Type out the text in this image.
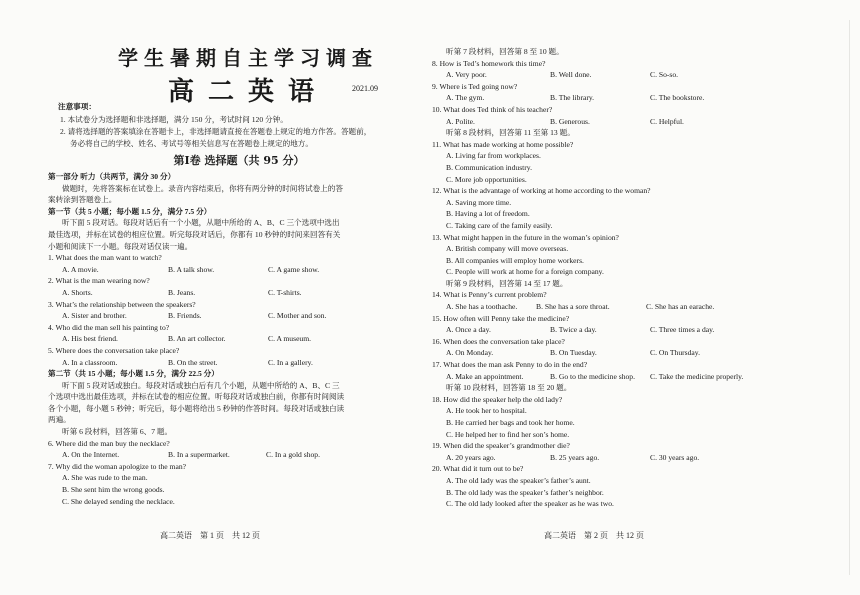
学生暑期自主学习调查
高二英语	2021.09
注意事项：
1. 本试卷分为选择题和非选择题，满分 150 分，考试时间 120 分钟。
2. 请将选择题的答案填涂在答题卡上，非选择题请直接在答题卷上规定的地方作答。答题前，
务必将自己的学校、姓名、考试号等相关信息写在答题卷上规定的地方。
第Ⅰ卷 选择题（共 95 分）
第一部分 听力（共两节，满分 30 分）
做题时，先将答案标在试卷上。录音内容结束后，你将有两分钟的时间将试卷上的答
案转涂到答题卷上。
第一节（共 5 小题；每小题 1.5 分，满分 7.5 分）
听下面 5 段对话。每段对话后有一个小题，从题中所给的 A、B、C 三个选项中选出
最佳选项，并标在试卷的相应位置。听完每段对话后，你都有 10 秒钟的时间来回答有关
小题和阅读下一小题。每段对话仅读一遍。
1. What does the man want to watch?
A. A movie.	B. A talk show.	C. A game show.
2. What is the man wearing now?
A. Shorts.	B. Jeans.	C. T-shirts.
3. What’s the relationship between the speakers?
A. Sister and brother.	B. Friends.	C. Mother and son.
4. Who did the man sell his painting to?
A. His best friend.	B. An art collector.	C. A museum.
5. Where does the conversation take place?
A. In a classroom.	B. On the street.	C. In a gallery.
第二节（共 15 小题；每小题 1.5 分，满分 22.5 分）
听下面 5 段对话或独白。每段对话或独白后有几个小题，从题中所给的 A、B、C 三
个选项中选出最佳选项，并标在试卷的相应位置。听每段对话或独白前，你都有时间阅读
各个小题，每小题 5 秒钟；听完后，每小题将给出 5 秒钟的作答时间。每段对话或独白读
两遍。
听第 6 段材料，回答第 6、7 题。
6. Where did the man buy the necklace?
A. On the Internet.	B. In a supermarket.	C. In a gold shop.
7. Why did the woman apologize to the man?
A. She was rude to the man.
B. She sent him the wrong goods.
C. She delayed sending the necklace.
高二英语　第 1 页　共 12 页
听第 7 段材料，回答第 8 至 10 题。
8. How is Ted’s homework this time?
A. Very poor.	B. Well done.	C. So-so.
9. Where is Ted going now?
A. The gym.	B. The library.	C. The bookstore.
10. What does Ted think of his teacher?
A. Polite.	B. Generous.	C. Helpful.
听第 8 段材料，回答第 11 至第 13 题。
11. What has made working at home possible?
A. Living far from workplaces.
B. Communication industry.
C. More job opportunities.
12. What is the advantage of working at home according to the woman?
A. Saving more time.
B. Having a lot of freedom.
C. Taking care of the family easily.
13. What might happen in the future in the woman’s opinion?
A. British company will move overseas.
B. All companies will employ home workers.
C. People will work at home for a foreign company.
听第 9 段材料，回答第 14 至 17 题。
14. What is Penny’s current problem?
A. She has a toothache. B. She has a sore throat.	C. She has an earache.
15. How often will Penny take the medicine?
A. Once a day.	B. Twice a day.	C. Three times a day.
16. When does the conversation take place?
A. On Monday.	B. On Tuesday.	C. On Thursday.
17. What does the man ask Penny to do in the end?
A. Make an appointment.	B. Go to the medicine shop. C. Take the medicine properly.
听第 10 段材料，回答第 18 至 20 题。
18. How did the speaker help the old lady?
A. He took her to hospital.
B. He carried her bags and took her home.
C. He helped her to find her son’s home.
19. When did the speaker’s grandmother die?
A. 20 years ago.	B. 25 years ago.	C. 30 years ago.
20. What did it turn out to be?
A. The old lady was the speaker’s father’s aunt.
B. The old lady was the speaker’s father’s neighbor.
C. The old lady looked after the speaker as he was two.
高二英语　第 2 页　共 12 页
